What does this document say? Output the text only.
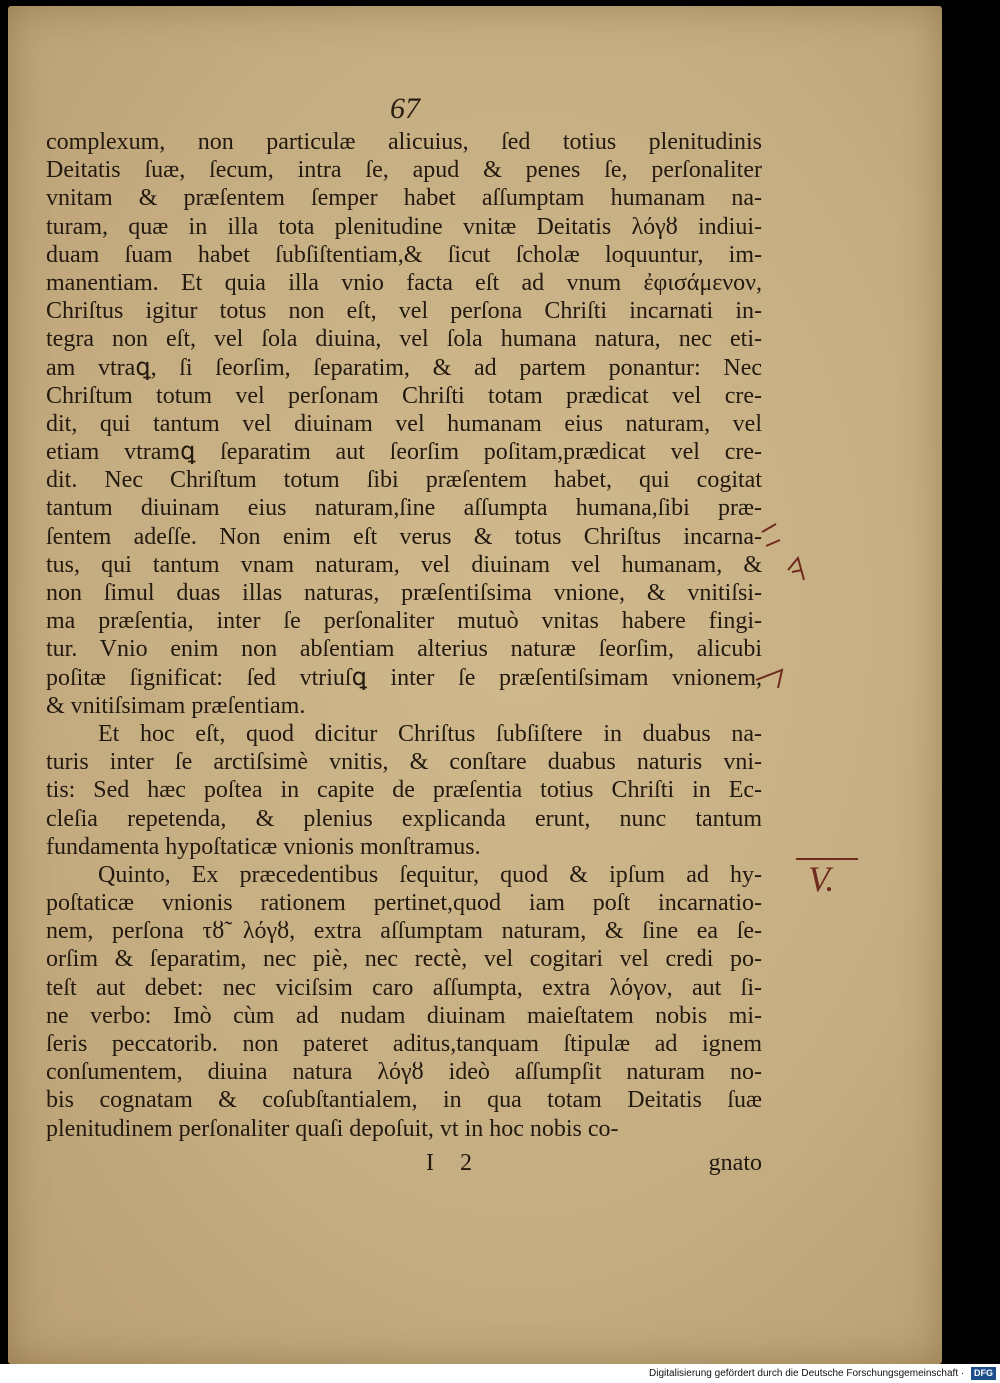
67
complexum, non particulæ alicuius, ſed totius plenitudinis
Deitatis ſuæ, ſecum, intra ſe, apud & penes ſe, perſonaliter
vnitam & præſentem ſemper habet aſſumptam humanam na-
turam, quæ in illa tota plenitudine vnitæ Deitatis λόγȣ indiui-
duam ſuam habet ſubſiſtentiam,& ſicut ſcholæ loquuntur, im-
manentiam. Et quia illa vnio facta eſt ad vnum ἐφισάμενον,
Chriſtus igitur totus non eſt, vel perſona Chriſti incarnati in-
tegra non eſt, vel ſola diuina, vel ſola humana natura, nec eti-
am vtraꝗ, ſi ſeorſim, ſeparatim, & ad partem ponantur: Nec
Chriſtum totum vel perſonam Chriſti totam prædicat vel cre-
dit, qui tantum vel diuinam vel humanam eius naturam, vel
etiam vtramꝗ ſeparatim aut ſeorſim poſitam,prædicat vel cre-
dit. Nec Chriſtum totum ſibi præſentem habet, qui cogitat
tantum diuinam eius naturam,ſine aſſumpta humana,ſibi præ-
ſentem adeſſe. Non enim eſt verus & totus Chriſtus incarna-
tus, qui tantum vnam naturam, vel diuinam vel humanam, &
non ſimul duas illas naturas, præſentiſsima vnione, & vnitiſsi-
ma præſentia, inter ſe perſonaliter mutuò vnitas habere fingi-
tur. Vnio enim non abſentiam alterius naturæ ſeorſim, alicubi
poſitæ ſignificat: ſed vtriuſꝗ inter ſe præſentiſsimam vnionem,
& vnitiſsimam præſentiam.
Et hoc eſt, quod dicitur Chriſtus ſubſiſtere in duabus na-
turis inter ſe arctiſsimè vnitis, & conſtare duabus naturis vni-
tis: Sed hæc poſtea in capite de præſentia totius Chriſti in Ec-
cleſia repetenda, & plenius explicanda erunt, nunc tantum
fundamenta hypoſtaticæ vnionis monſtramus.
Quinto, Ex præcedentibus ſequitur, quod & ipſum ad hy-
poſtaticæ vnionis rationem pertinet,quod iam poſt incarnatio-
nem, perſona τȣ̃ λόγȣ, extra aſſumptam naturam, & ſine ea ſe-
orſim & ſeparatim, nec piè, nec rectè, vel cogitari vel credi po-
teſt aut debet: nec viciſsim caro aſſumpta, extra λόγον, aut ſi-
ne verbo: Imò cùm ad nudam diuinam maieſtatem nobis mi-
ſeris peccatorib. non pateret aditus,tanquam ſtipulæ ad ignem
conſumentem, diuina natura λόγȣ ideò aſſumpſit naturam no-
bis cognatam & coſubſtantialem, in qua totam Deitatis ſuæ
plenitudinem perſonaliter quaſi depoſuit, vt in hoc nobis co-
I 2	gnato
V.
Digitalisierung gefördert durch die Deutsche Forschungsgemeinschaft · DFG
